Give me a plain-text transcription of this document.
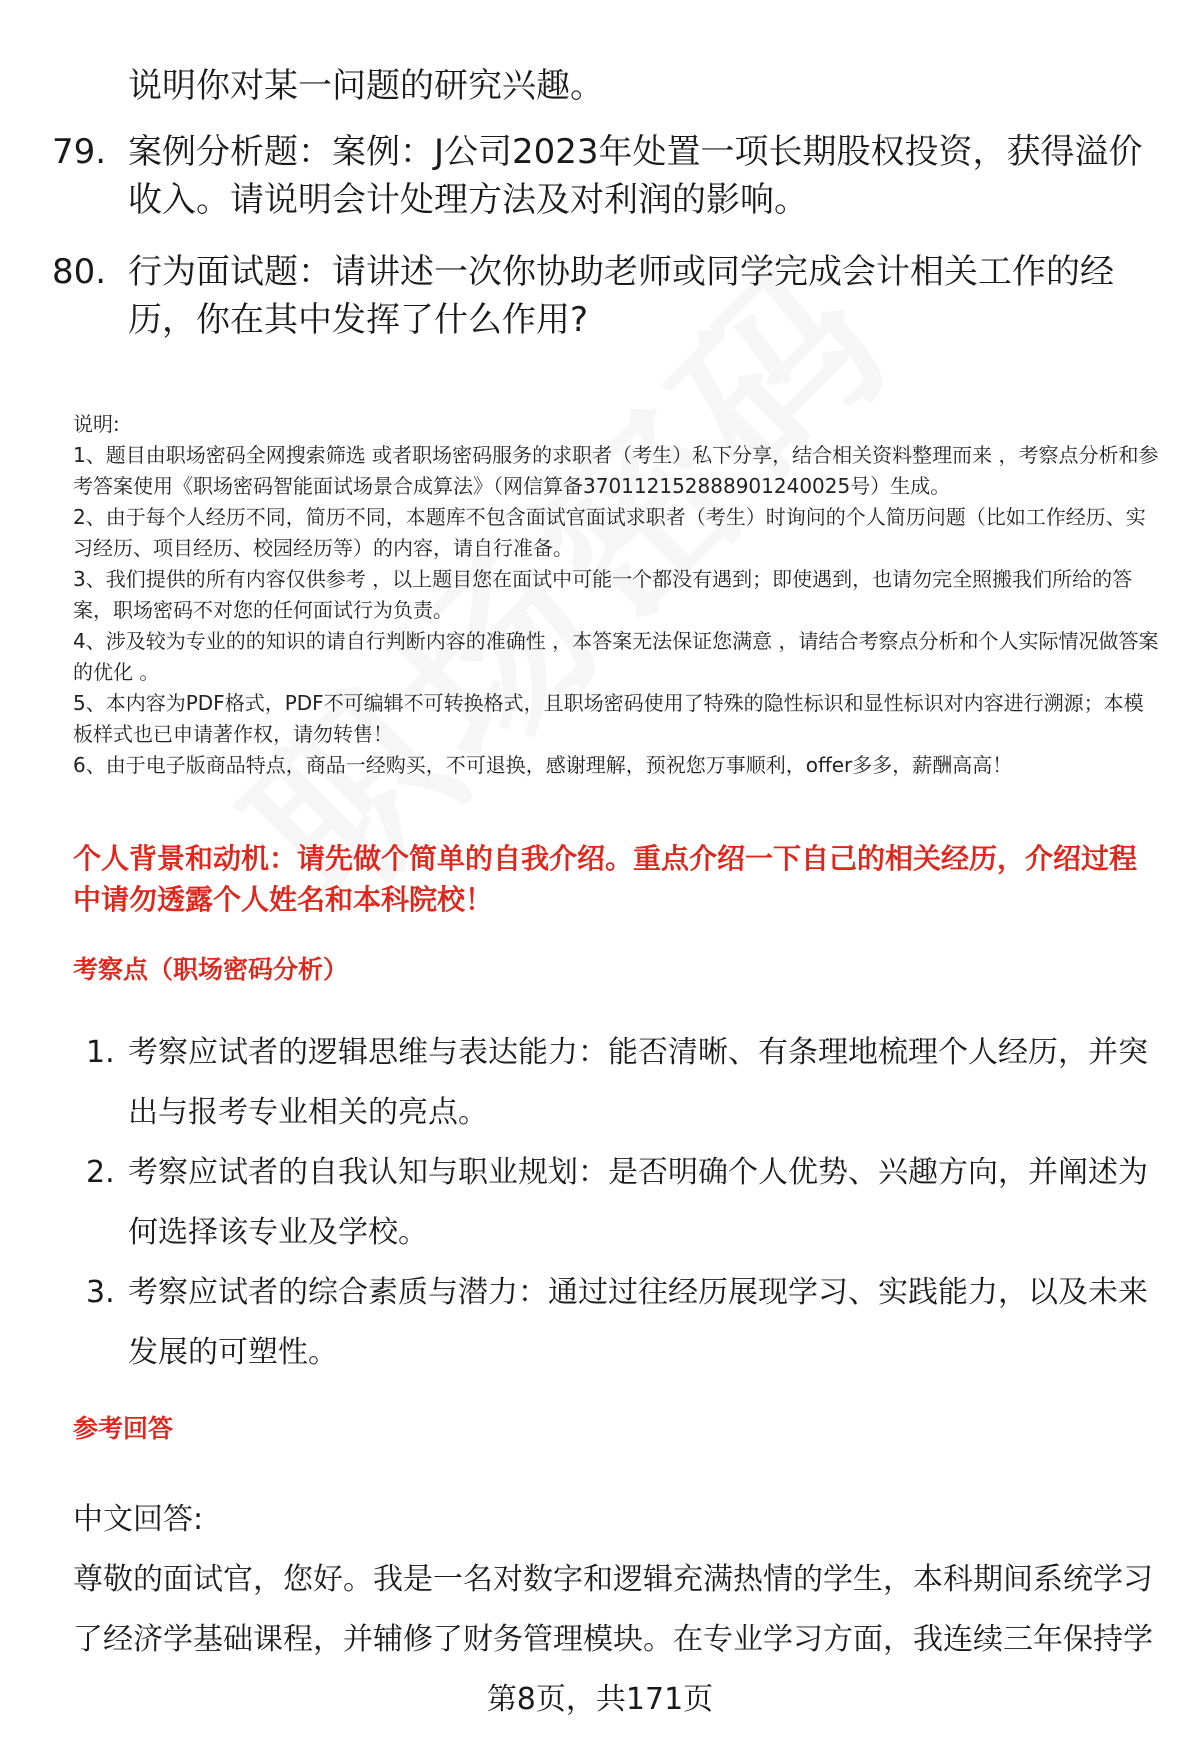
说明你对某一问题的研究兴趣。
79. 案例分析题：案例：J公司2023年处置一项长期股权投资，获得溢价收入。请说明会计处理方法及对利润的影响。
80. 行为面试题：请讲述一次你协助老师或同学完成会计相关工作的经历，你在其中发挥了什么作用?

说明:

1、题目由职场密码全网搜索筛选 或者职场密码服务的求职者（考生）私下分享，结合相关资料整理而来 ，考察点分析和参考答案使用《职场密码智能面试场景合成算法》（网信算备370112152888901240025号）生成。

2、由于每个人经历不同，简历不同，本题库不包含面试官面试求职者（考生）时询问的个人简历问题（比如工作经历、实习经历、项目经历、校园经历等）的内容，请自行准备。

3、我们提供的所有内容仅供参考 ，以上题目您在面试中可能一个都没有遇到；即使遇到，也请勿完全照搬我们所给的答案，职场密码不对您的任何面试行为负责。

4、涉及较为专业的的知识的请自行判断内容的准确性 ，本答案无法保证您满意 ，请结合考察点分析和个人实际情况做答案的优化 。

5、本内容为PDF格式，PDF不可编辑不可转换格式，且职场密码使用了特殊的隐性标识和显性标识对内容进行溯源；本模板样式也已申请著作权，请勿转售！

6、由于电子版商品特点，商品一经购买，不可退换，感谢理解，预祝您万事顺利，offer多多，薪酬高高！

个人背景和动机：请先做个简单的自我介绍。重点介绍一下自己的相关经历，介绍过程中请勿透露个人姓名和本科院校！
考察点（职场密码分析）
1. 考察应试者的逻辑思维与表达能力：能否清晰、有条理地梳理个人经历，并突出与报考专业相关的亮点。
2. 考察应试者的自我认知与职业规划：是否明确个人优势、兴趣方向，并阐述为何选择该专业及学校。
3. 考察应试者的综合素质与潜力：通过过往经历展现学习、实践能力，以及未来发展的可塑性。
参考回答

中文回答:

尊敬的面试官，您好。我是一名对数字和逻辑充满热情的学生，本科期间系统学习了经济学基础课程，并辅修了财务管理模块。在专业学习方面，我连续三年保持学

第8页，共171页
